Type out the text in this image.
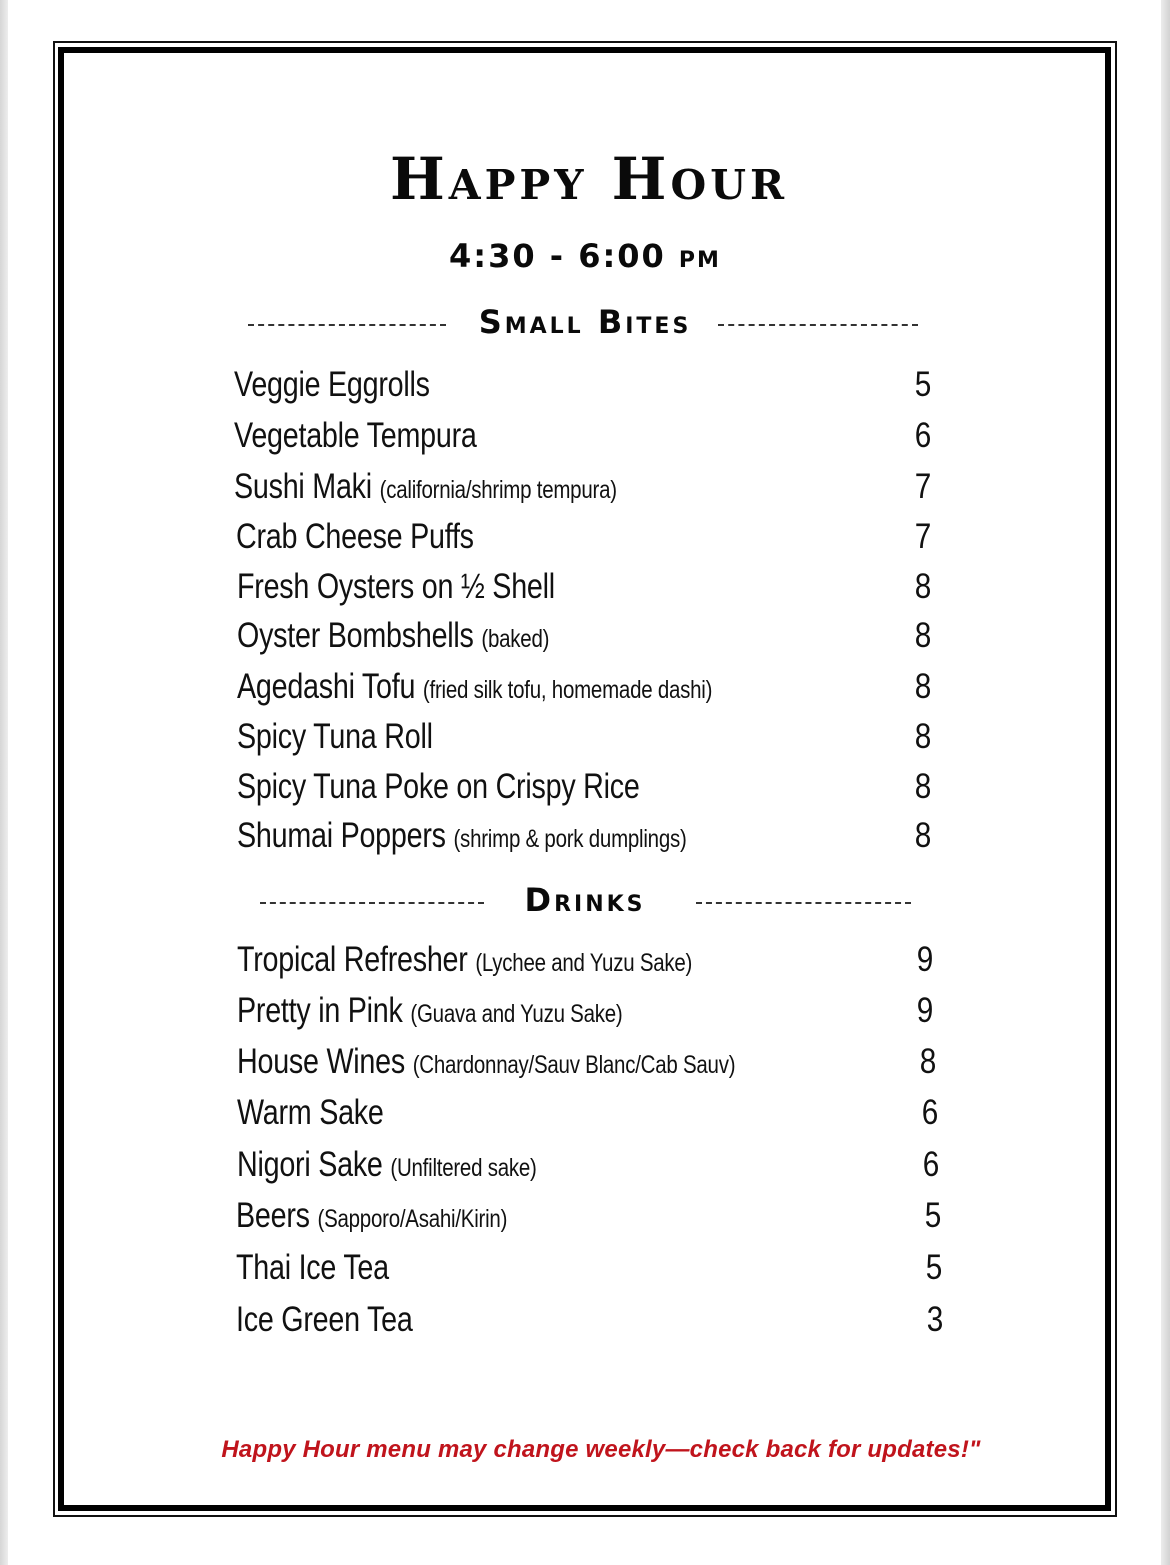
Happy Hour
4:30 - 6:00 pm
Small Bites
Veggie Eggrolls	5
Vegetable Tempura	6
Sushi Maki (california/shrimp tempura)	7
Crab Cheese Puffs	7
Fresh Oysters on ½ Shell	8
Oyster Bombshells (baked)	8
Agedashi Tofu (fried silk tofu, homemade dashi)	8
Spicy Tuna Roll	8
Spicy Tuna Poke on Crispy Rice	8
Shumai Poppers (shrimp & pork dumplings)	8
Drinks
Tropical Refresher (Lychee and Yuzu Sake)	9
Pretty in Pink (Guava and Yuzu Sake)	9
House Wines (Chardonnay/Sauv Blanc/Cab Sauv)	8
Warm Sake	6
Nigori Sake (Unfiltered sake)	6
Beers (Sapporo/Asahi/Kirin)	5
Thai Ice Tea	5
Ice Green Tea	3
Happy Hour menu may change weekly—check back for updates!"
